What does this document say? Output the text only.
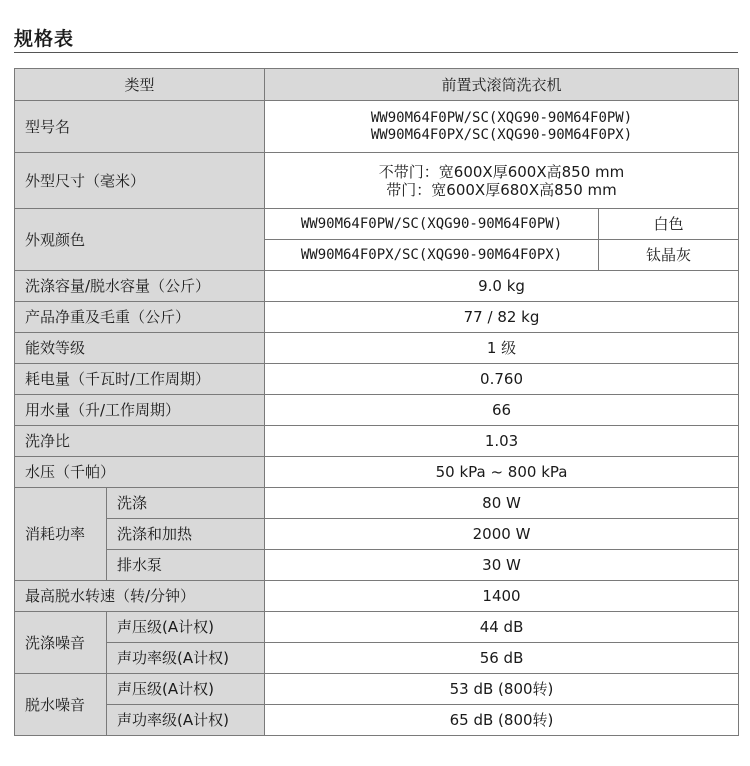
规格表
类型		前置式滚筒洗衣机	
型号名		WW90M64F0PW/SC(XQG90-90M64F0PW)
WW90M64F0PX/SC(XQG90-90M64F0PX)	

外型尺寸（毫米）		不带门：宽600X厚600X高850 mm
带门：宽600X厚680X高850 mm	

外观颜色		WW90M64F0PW/SC(XQG90-90M64F0PW)	白色
		WW90M64F0PX/SC(XQG90-90M64F0PX)	钛晶灰
洗涤容量/脱水容量（公斤）		9.0 kg	
产品净重及毛重（公斤）		77 / 82 kg	
能效等级		1 级	
耗电量（千瓦时/工作周期）		0.760	
用水量（升/工作周期）		66	
洗净比		1.03	
水压（千帕）		50 kPa ~ 800 kPa	
消耗功率	洗涤	80 W	
	洗涤和加热	2000 W	
	排水泵	30 W	
最高脱水转速（转/分钟）		1400	
洗涤噪音	声压级(A计权)	44 dB	
	声功率级(A计权)	56 dB	
脱水噪音	声压级(A计权)	53 dB (800转)	
	声功率级(A计权)	65 dB (800转)	
